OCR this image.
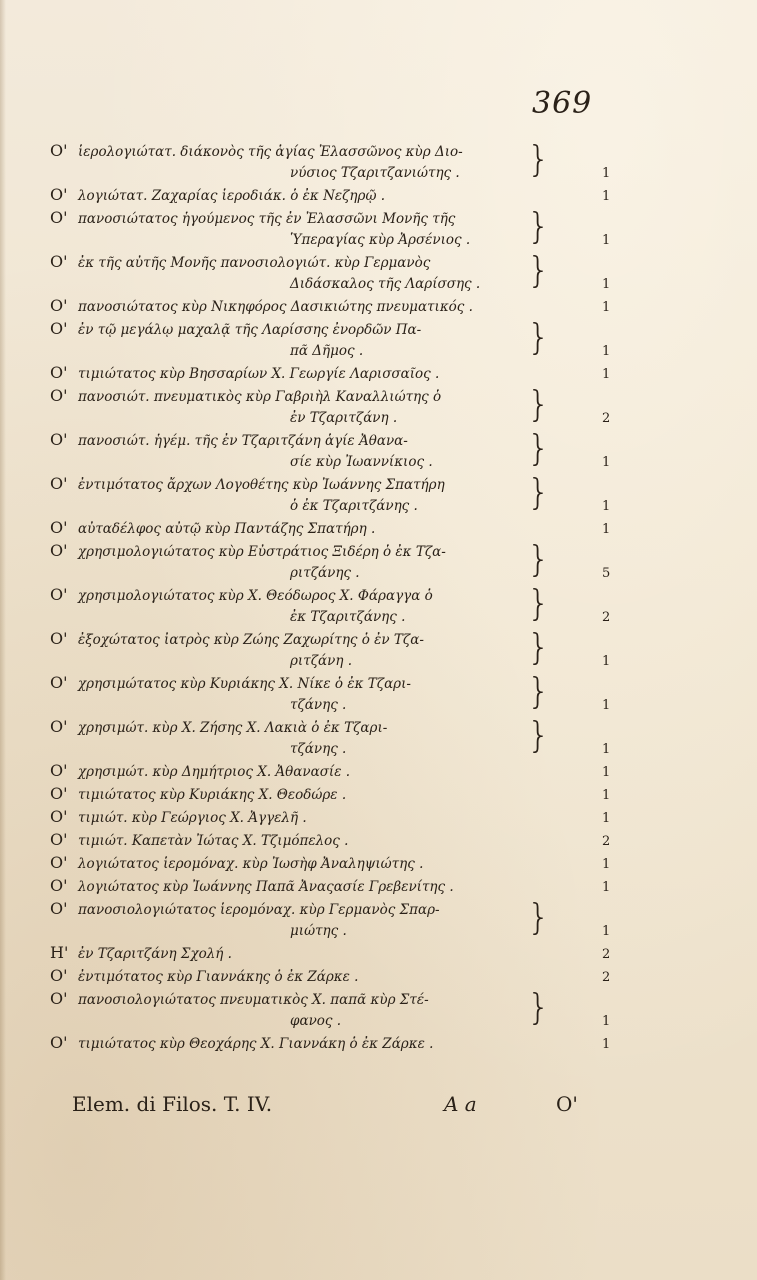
369
O' ἱερολογιώτατ. διάκονὸς τῆς ἁγίας Ἐλασσῶνος κὺρ Διο-
νύσιος Τζαριτζανιώτης .	}	1
O' λογιώτατ. Ζαχαρίας ἱεροδιάκ. ὁ ἐκ Νεζηρῷ .	1
O' πανοσιώτατος ἡγούμενος τῆς ἐν Ἐλασσῶνι Μονῆς τῆς
Ὑπεραγίας κὺρ Ἀρσένιος .	}	1
O' ἐκ τῆς αὐτῆς Μονῆς πανοσιολογιώτ. κὺρ Γερμανὸς
Διδάσκαλος τῆς Λαρίσσης .	}	1
O' πανοσιώτατος κὺρ Νικηφόρος Δασικιώτης πνευματικός .	1
O' ἐν τῷ μεγάλῳ μαχαλᾷ τῆς Λαρίσσης ἐνορδῶν Πα-
πᾶ Δῆμος .	}	1
O' τιμιώτατος κὺρ Βησσαρίων Χ. Γεωργίε Λαρισσαῖος .	1
O' πανοσιώτ. πνευματικὸς κὺρ Γαβριὴλ Καναλλιώτης ὁ
ἐν Τζαριτζάνη .	}	2
O' πανοσιώτ. ἡγέμ. τῆς ἐν Τζαριτζάνη ἁγίε Ἀθανα-
σίε κὺρ Ἰωαννίκιος .	}	1
O' ἐντιμότατος ἄρχων Λογοθέτης κὺρ Ἰωάννης Σπατήρη
ὁ ἐκ Τζαριτζάνης .	}	1
O' αὐταδέλφος αὐτῷ κὺρ Παντάζης Σπατήρη .	1
O' χρησιμολογιώτατος κὺρ Εὐστράτιος Ξιδέρη ὁ ἐκ Τζα-
ριτζάνης .	}	5
O' χρησιμολογιώτατος κὺρ Χ. Θεόδωρος Χ. Φάραγγα ὁ
ἐκ Τζαριτζάνης .	}	2
O' ἐξοχώτατος ἰατρὸς κὺρ Ζώης Ζαχωρίτης ὁ ἐν Τζα-
ριτζάνη .	}	1
O' χρησιμώτατος κὺρ Κυριάκης Χ. Νίκε ὁ ἐκ Τζαρι-
τζάνης .	}	1
O' χρησιμώτ. κὺρ Χ. Ζήσης Χ. Λακιὰ ὁ ἐκ Τζαρι-
τζάνης .	}	1
O' χρησιμώτ. κὺρ Δημήτριος Χ. Ἀθανασίε .	1
O' τιμιώτατος κὺρ Κυριάκης Χ. Θεοδώρε .	1
O' τιμιώτ. κὺρ Γεώργιος Χ. Ἀγγελῆ .	1
O' τιμιώτ. Καπετὰν Ἰώτας Χ. Τζιμόπελος .	2
O' λογιώτατος ἱερομόναχ. κὺρ Ἰωσὴφ Ἀναληψιώτης .	1
O' λογιώτατος κὺρ Ἰωάννης Παπᾶ Ἀναςασίε Γρεβενίτης .	1
O' πανοσιολογιώτατος ἱερομόναχ. κὺρ Γερμανὸς Σπαρ-
μιώτης .	}	1
H' ἐν Τζαριτζάνη Σχολή .	2
O' ἐντιμότατος κὺρ Γιαννάκης ὁ ἐκ Ζάρκε .	2
O' πανοσιολογιώτατος πνευματικὸς Χ. παπᾶ κὺρ Στέ-
φανος .	}	1
O' τιμιώτατος κὺρ Θεοχάρης Χ. Γιαννάκη ὁ ἐκ Ζάρκε .	1
Elem. di Filos. T. IV.	A a	O'
